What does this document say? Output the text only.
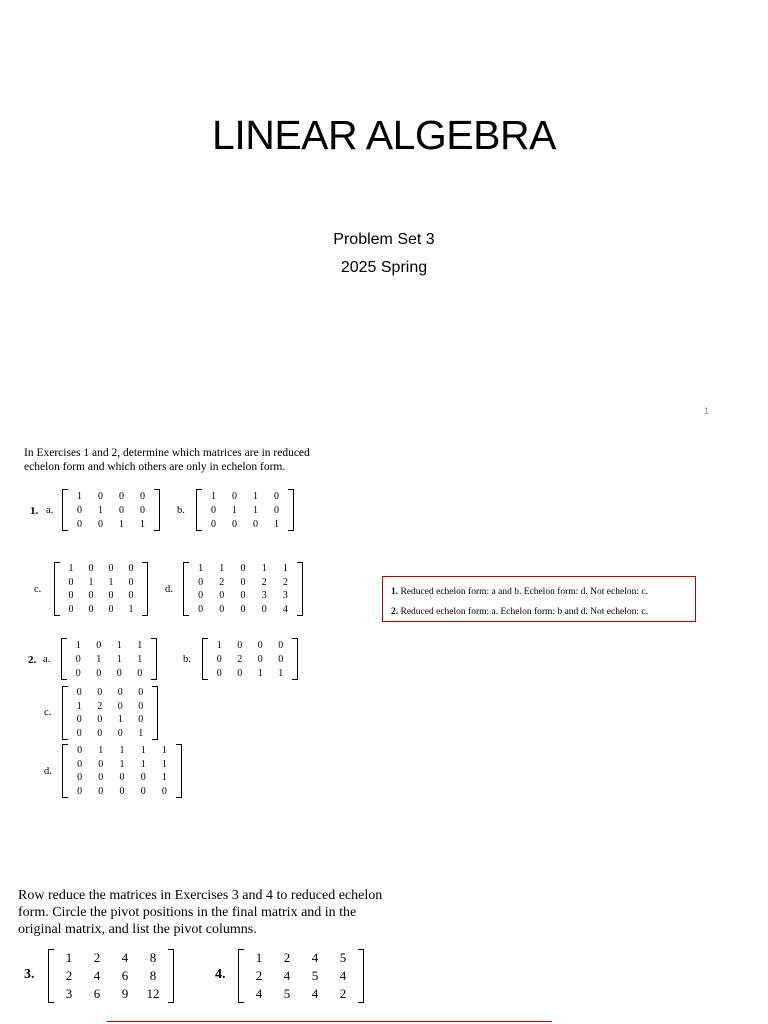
LINEAR ALGEBRA
Problem Set 3
2025 Spring
1
In Exercises 1 and 2, determine which matrices are in reduced echelon form and which others are only in echelon form.
1. a.
1	0	0	0
0	1	0	0
0	0	1	1
b.
1	0	1	0
0	1	1	0
0	0	0	1
c.
1	0	0	0
0	1	1	0
0	0	0	0
0	0	0	1
d.
1	1	0	1	1
0	2	0	2	2
0	0	0	3	3
0	0	0	0	4
2. a.
1	0	1	1
0	1	1	1
0	0	0	0
b.
1	0	0	0
0	2	0	0
0	0	1	1
c.
0	0	0	0
1	2	0	0
0	0	1	0
0	0	0	1
d.
0	1	1	1	1
0	0	1	1	1
0	0	0	0	1
0	0	0	0	0
1. Reduced echelon form: a and b. Echelon form: d. Not echelon: c.
2. Reduced echelon form: a. Echelon form: b and d. Not echelon: c.
Row reduce the matrices in Exercises 3 and 4 to reduced echelon form. Circle the pivot positions in the final matrix and in the original matrix, and list the pivot columns.
3.
1	2	4	8
2	4	6	8
3	6	9	12
4.
1	2	4	5
2	4	5	4
4	5	4	2
